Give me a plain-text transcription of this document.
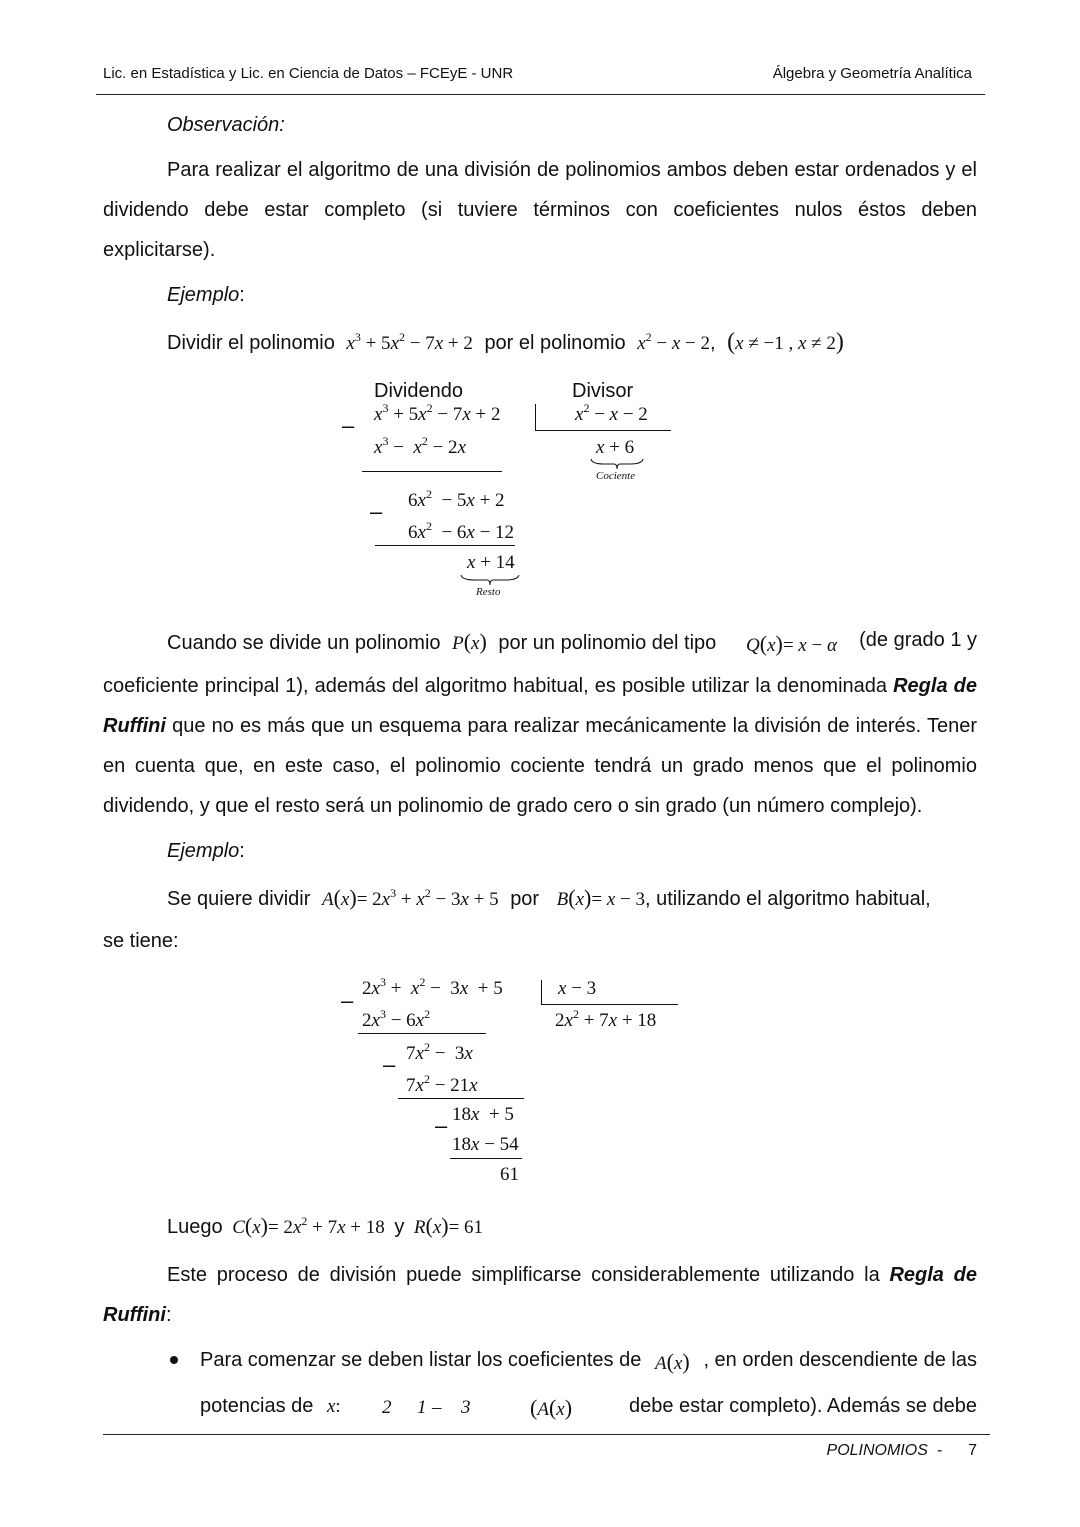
Lic. en Estadística y Lic. en Ciencia de Datos – FCEyE - UNR	Álgebra y Geometría Analítica
Observación:

Para realizar el algoritmo de una división de polinomios ambos deben estar ordenados y el dividendo debe estar completo (si tuviere términos con coeficientes nulos éstos deben explicitarse).

Ejemplo:
Dividir el polinomio $x^3 + 5x^2 - 7x + 2$ por el polinomio $x^2 - x - 2$, (x ≠ −1 , x ≠ 2)
Dividendo	Divisor
$x^3 + 5x^2 - 7x + 2$
–	$x^2 - x - 2$
$x^3 - x^2 - 2x$	x + 6
Cociente
– $6x^2 - 5x + 2$
$6x^2 - 6x - 12$
x + 14
Resto
Cuando se divide un polinomio P(x) por un polinomio del tipo Q(x)= x − α

coeficiente principal 1), además del algoritmo habitual, es posible utilizar la denominada Regla de Ruffini que no es más que un esquema para realizar mecánicamente la división de interés. Tener en cuenta que, en este caso, el polinomio cociente tendrá un grado menos que el polinomio dividendo, y que el resto será un polinomio de grado cero o sin grado (un número complejo).

Ejemplo:
Se quiere dividir $A(x)= 2x^3 + x^2 - 3x + 5$ por B(x)= x − 3, utilizando el algoritmo habitual,
se tiene:
– $2x^3 + x^2 - 3x + 5$	x − 3
$2x^3 - 6x^2$	$2x^2 + 7x + 18$
– $7x^2 - 3x$
$7x^2 - 21x$
– 18x  + 5
18x − 54
61
Luego $C(x)= 2x^2 + 7x + 18$ y R(x)= 61

Este proceso de división puede simplificarse considerablemente utilizando la Regla de Ruffini:

Para comenzar se deben listar los coeficientes de A(x) , en orden descendiente de las
potencias de x: 2 1 – 3	(A(x)	debe estar completo). Además se debe
POLINOMIOS - 7
(de grado 1 y
